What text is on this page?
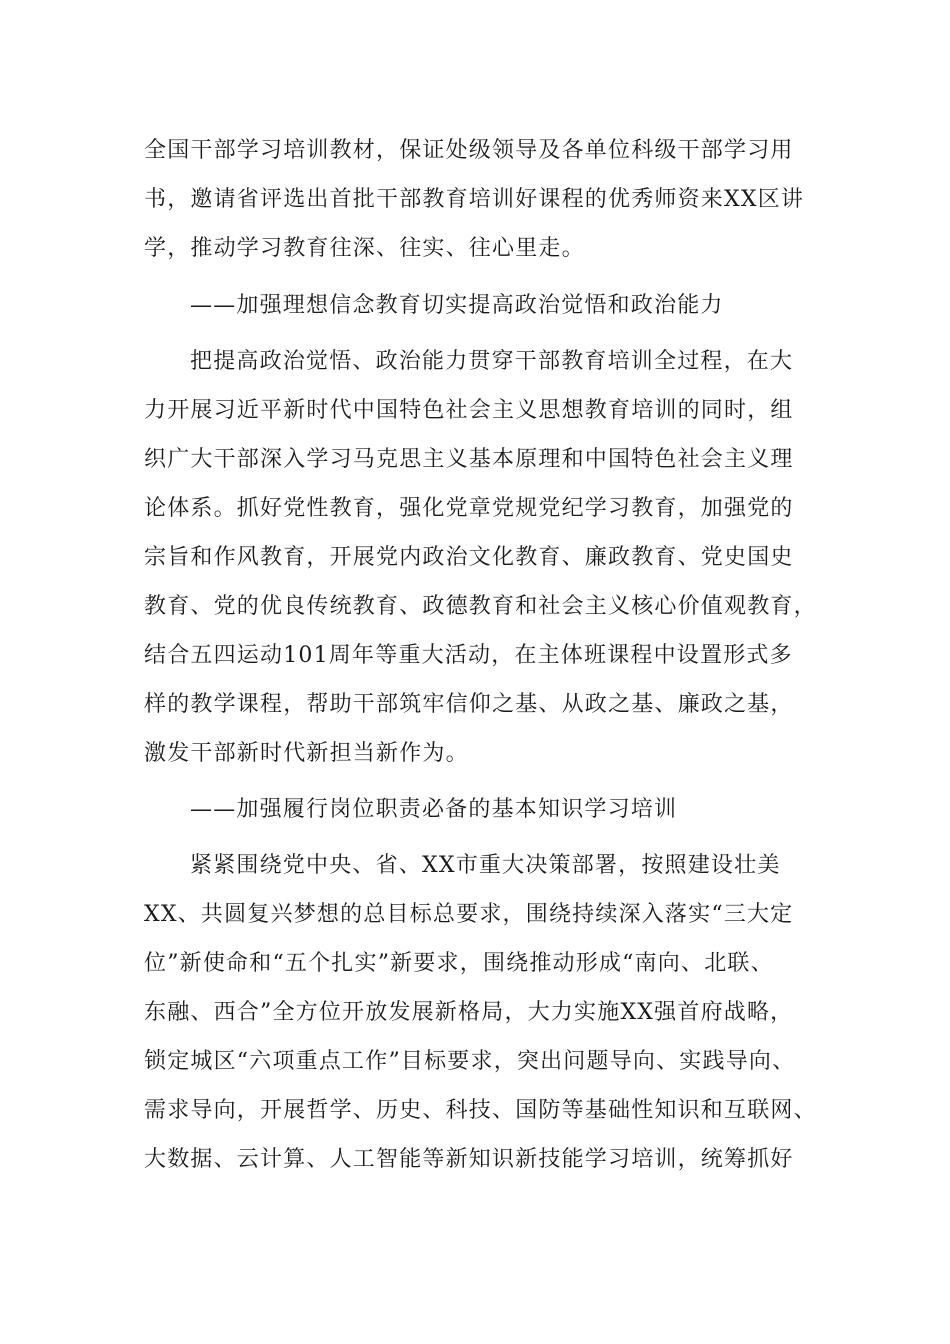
全国干部学习培训教材，保证处级领导及各单位科级干部学习用
书，邀请省评选出首批干部教育培训好课程的优秀师资来XX区讲
学，推动学习教育往深、往实、往心里走。
——加强理想信念教育切实提高政治觉悟和政治能力
把提高政治觉悟、政治能力贯穿干部教育培训全过程，在大
力开展习近平新时代中国特色社会主义思想教育培训的同时，组
织广大干部深入学习马克思主义基本原理和中国特色社会主义理
论体系。抓好党性教育，强化党章党规党纪学习教育，加强党的
宗旨和作风教育，开展党内政治文化教育、廉政教育、党史国史
教育、党的优良传统教育、政德教育和社会主义核心价值观教育，
结合五四运动101周年等重大活动，在主体班课程中设置形式多
样的教学课程，帮助干部筑牢信仰之基、从政之基、廉政之基，
激发干部新时代新担当新作为。
——加强履行岗位职责必备的基本知识学习培训
紧紧围绕党中央、省、XX市重大决策部署，按照建设壮美
XX、共圆复兴梦想的总目标总要求，围绕持续深入落实“三大定
位”新使命和“五个扎实”新要求，围绕推动形成“南向、北联、
东融、西合”全方位开放发展新格局，大力实施XX强首府战略，
锁定城区“六项重点工作”目标要求，突出问题导向、实践导向、
需求导向，开展哲学、历史、科技、国防等基础性知识和互联网、
大数据、云计算、人工智能等新知识新技能学习培训，统筹抓好
